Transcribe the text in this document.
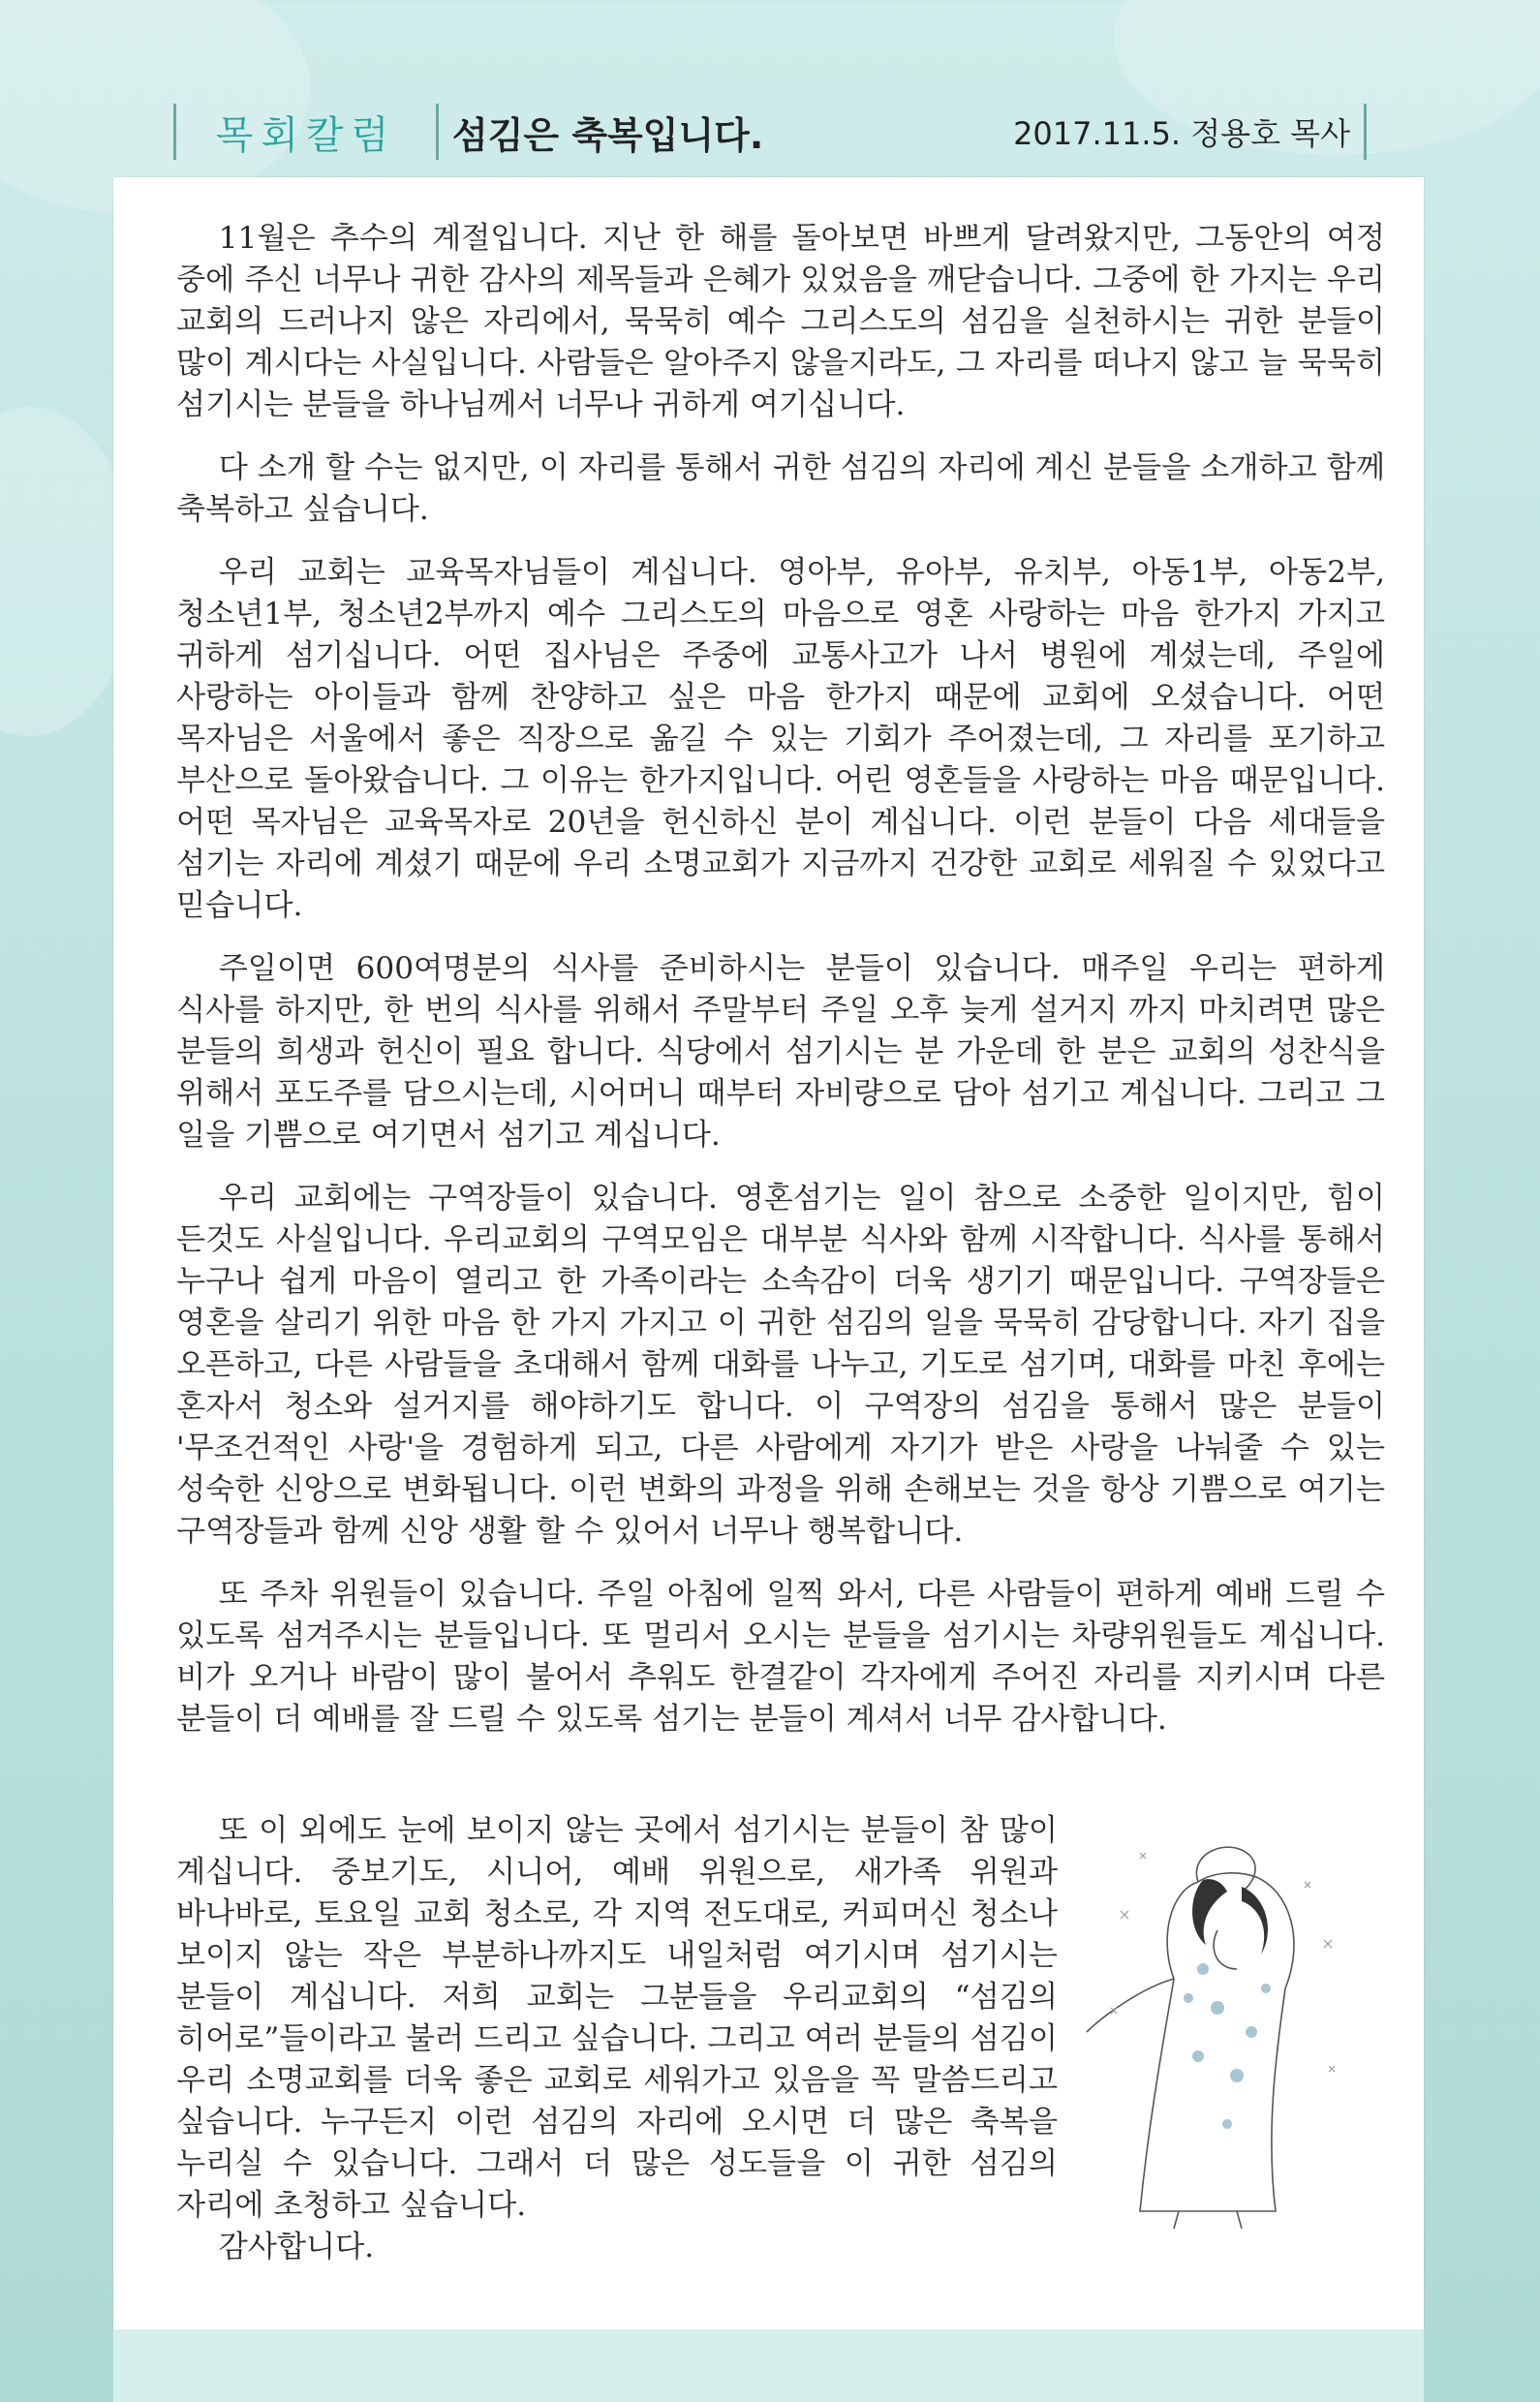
목회칼럼	섬김은 축복입니다.	2017.11.5. 정용호 목사

11월은 추수의 계절입니다. 지난 한 해를 돌아보면 바쁘게 달려왔지만, 그동안의 여정 중에 주신 너무나 귀한 감사의 제목들과 은혜가 있었음을 깨닫습니다. 그중에 한 가지는 우리 교회의 드러나지 않은 자리에서, 묵묵히 예수 그리스도의 섬김을 실천하시는 귀한 분들이 많이 계시다는 사실입니다. 사람들은 알아주지 않을지라도, 그 자리를 떠나지 않고 늘 묵묵히 섬기시는 분들을 하나님께서 너무나 귀하게 여기십니다.

다 소개 할 수는 없지만, 이 자리를 통해서 귀한 섬김의 자리에 계신 분들을 소개하고 함께 축복하고 싶습니다.

우리 교회는 교육목자님들이 계십니다. 영아부, 유아부, 유치부, 아동1부, 아동2부, 청소년1부, 청소년2부까지 예수 그리스도의 마음으로 영혼 사랑하는 마음 한가지 가지고 귀하게 섬기십니다. 어떤 집사님은 주중에 교통사고가 나서 병원에 계셨는데, 주일에 사랑하는 아이들과 함께 찬양하고 싶은 마음 한가지 때문에 교회에 오셨습니다. 어떤 목자님은 서울에서 좋은 직장으로 옮길 수 있는 기회가 주어졌는데, 그 자리를 포기하고 부산으로 돌아왔습니다. 그 이유는 한가지입니다. 어린 영혼들을 사랑하는 마음 때문입니다. 어떤 목자님은 교육목자로 20년을 헌신하신 분이 계십니다. 이런 분들이 다음 세대들을 섬기는 자리에 계셨기 때문에 우리 소명교회가 지금까지 건강한 교회로 세워질 수 있었다고 믿습니다.

주일이면 600여명분의 식사를 준비하시는 분들이 있습니다. 매주일 우리는 편하게 식사를 하지만, 한 번의 식사를 위해서 주말부터 주일 오후 늦게 설거지 까지 마치려면 많은 분들의 희생과 헌신이 필요 합니다. 식당에서 섬기시는 분 가운데 한 분은 교회의 성찬식을 위해서 포도주를 담으시는데, 시어머니 때부터 자비량으로 담아 섬기고 계십니다. 그리고 그 일을 기쁨으로 여기면서 섬기고 계십니다.

우리 교회에는 구역장들이 있습니다. 영혼섬기는 일이 참으로 소중한 일이지만, 힘이 든것도 사실입니다. 우리교회의 구역모임은 대부분 식사와 함께 시작합니다. 식사를 통해서 누구나 쉽게 마음이 열리고 한 가족이라는 소속감이 더욱 생기기 때문입니다. 구역장들은 영혼을 살리기 위한 마음 한 가지 가지고 이 귀한 섬김의 일을 묵묵히 감당합니다. 자기 집을 오픈하고, 다른 사람들을 초대해서 함께 대화를 나누고, 기도로 섬기며, 대화를 마친 후에는 혼자서 청소와 설거지를 해야하기도 합니다. 이 구역장의 섬김을 통해서 많은 분들이 '무조건적인 사랑'을 경험하게 되고, 다른 사람에게 자기가 받은 사랑을 나눠줄 수 있는 성숙한 신앙으로 변화됩니다. 이런 변화의 과정을 위해 손해보는 것을 항상 기쁨으로 여기는 구역장들과 함께 신앙 생활 할 수 있어서 너무나 행복합니다.

또 주차 위원들이 있습니다. 주일 아침에 일찍 와서, 다른 사람들이 편하게 예배 드릴 수 있도록 섬겨주시는 분들입니다. 또 멀리서 오시는 분들을 섬기시는 차량위원들도 계십니다. 비가 오거나 바람이 많이 불어서 추워도 한결같이 각자에게 주어진 자리를 지키시며 다른 분들이 더 예배를 잘 드릴 수 있도록 섬기는 분들이 계셔서 너무 감사합니다.

또 이 외에도 눈에 보이지 않는 곳에서 섬기시는 분들이 참 많이 계십니다. 중보기도, 시니어, 예배 위원으로, 새가족 위원과 바나바로, 토요일 교회 청소로, 각 지역 전도대로, 커피머신 청소나 보이지 않는 작은 부분하나까지도 내일처럼 여기시며 섬기시는 분들이 계십니다. 저희 교회는 그분들을 우리교회의 “섬김의 히어로”들이라고 불러 드리고 싶습니다. 그리고 여러 분들의 섬김이 우리 소명교회를 더욱 좋은 교회로 세워가고 있음을 꼭 말씀드리고 싶습니다. 누구든지 이런 섬김의 자리에 오시면 더 많은 축복을 누리실 수 있습니다. 그래서 더 많은 성도들을 이 귀한 섬김의 자리에 초청하고 싶습니다.

감사합니다.
